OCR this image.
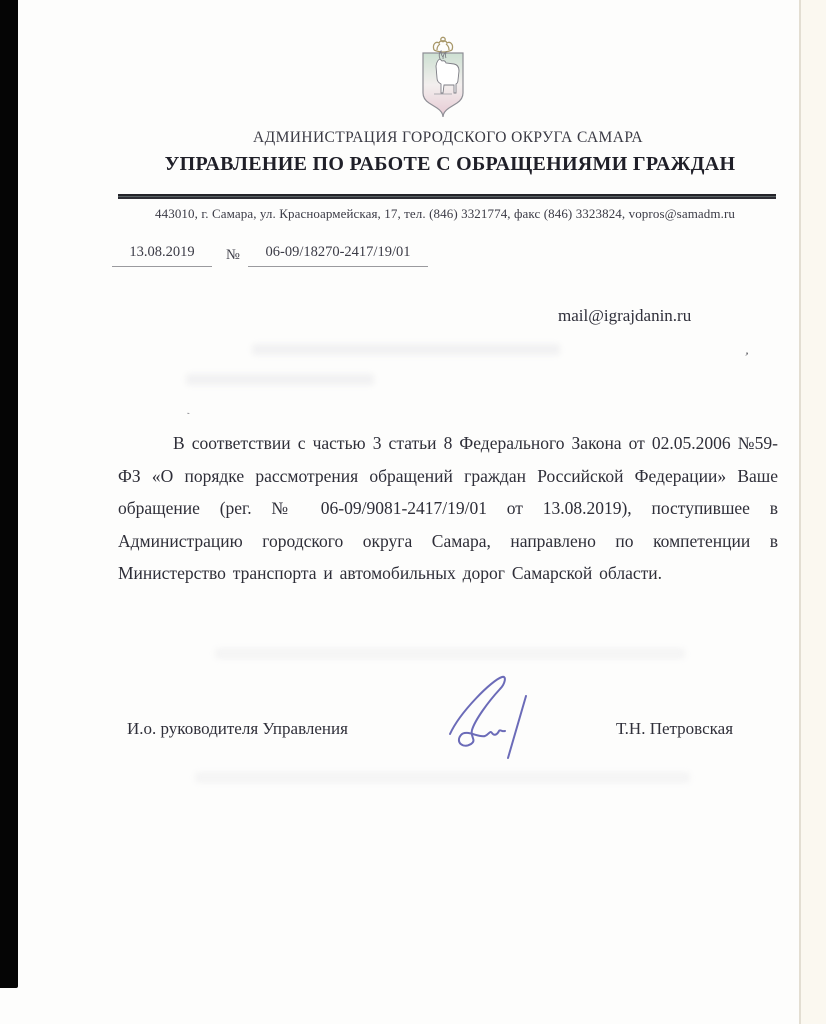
АДМИНИСТРАЦИЯ ГОРОДСКОГО ОКРУГА САМАРА
УПРАВЛЕНИЕ ПО РАБОТЕ С ОБРАЩЕНИЯМИ ГРАЖДАН
443010, г. Самара, ул. Красноармейская, 17, тел. (846) 3321774, факс (846) 3323824, vopros@samadm.ru
13.08.2019	№	06-09/18270-2417/19/01
mail@igrajdanin.ru
`
’
В соответствии с частью 3 статьи 8 Федерального Закона от 02.05.2006 №59-ФЗ «О порядке рассмотрения обращений граждан Российской Федерации» Ваше обращение (рег. № 06-09/9081-2417/19/01 от 13.08.2019), поступившее в Администрацию городского округа Самара, направлено по компетенции в Министерство транспорта и автомобильных дорог Самарской области.
И.о. руководителя Управления	Т.Н. Петровская
